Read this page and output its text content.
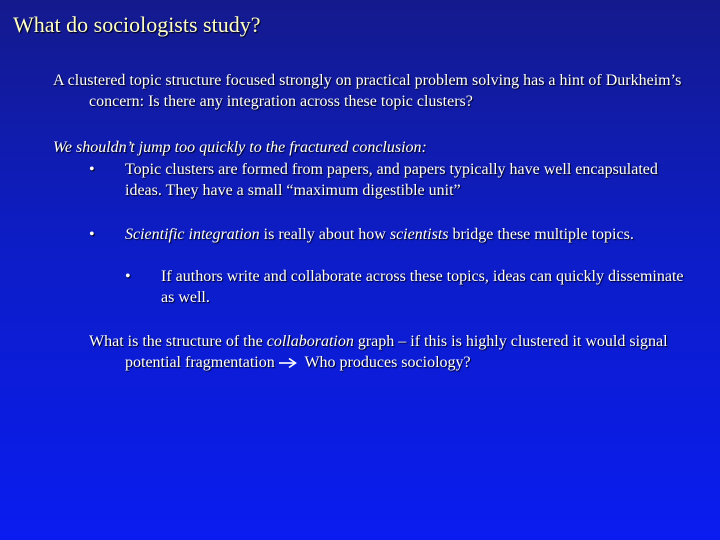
What do sociologists study?
A clustered topic structure focused strongly on practical problem solving has a hint of Durkheim’s concern: Is there any integration across these topic clusters?
We shouldn’t jump too quickly to the fractured conclusion:
•	Topic clusters are formed from papers, and papers typically have well encapsulated ideas. They have a small “maximum digestible unit”
•	Scientific integration is really about how scientists bridge these multiple topics.
•	If authors write and collaborate across these topics, ideas can quickly disseminate as well.
What is the structure of the collaboration graph – if this is highly clustered it would signal potential fragmentation Who produces sociology?
